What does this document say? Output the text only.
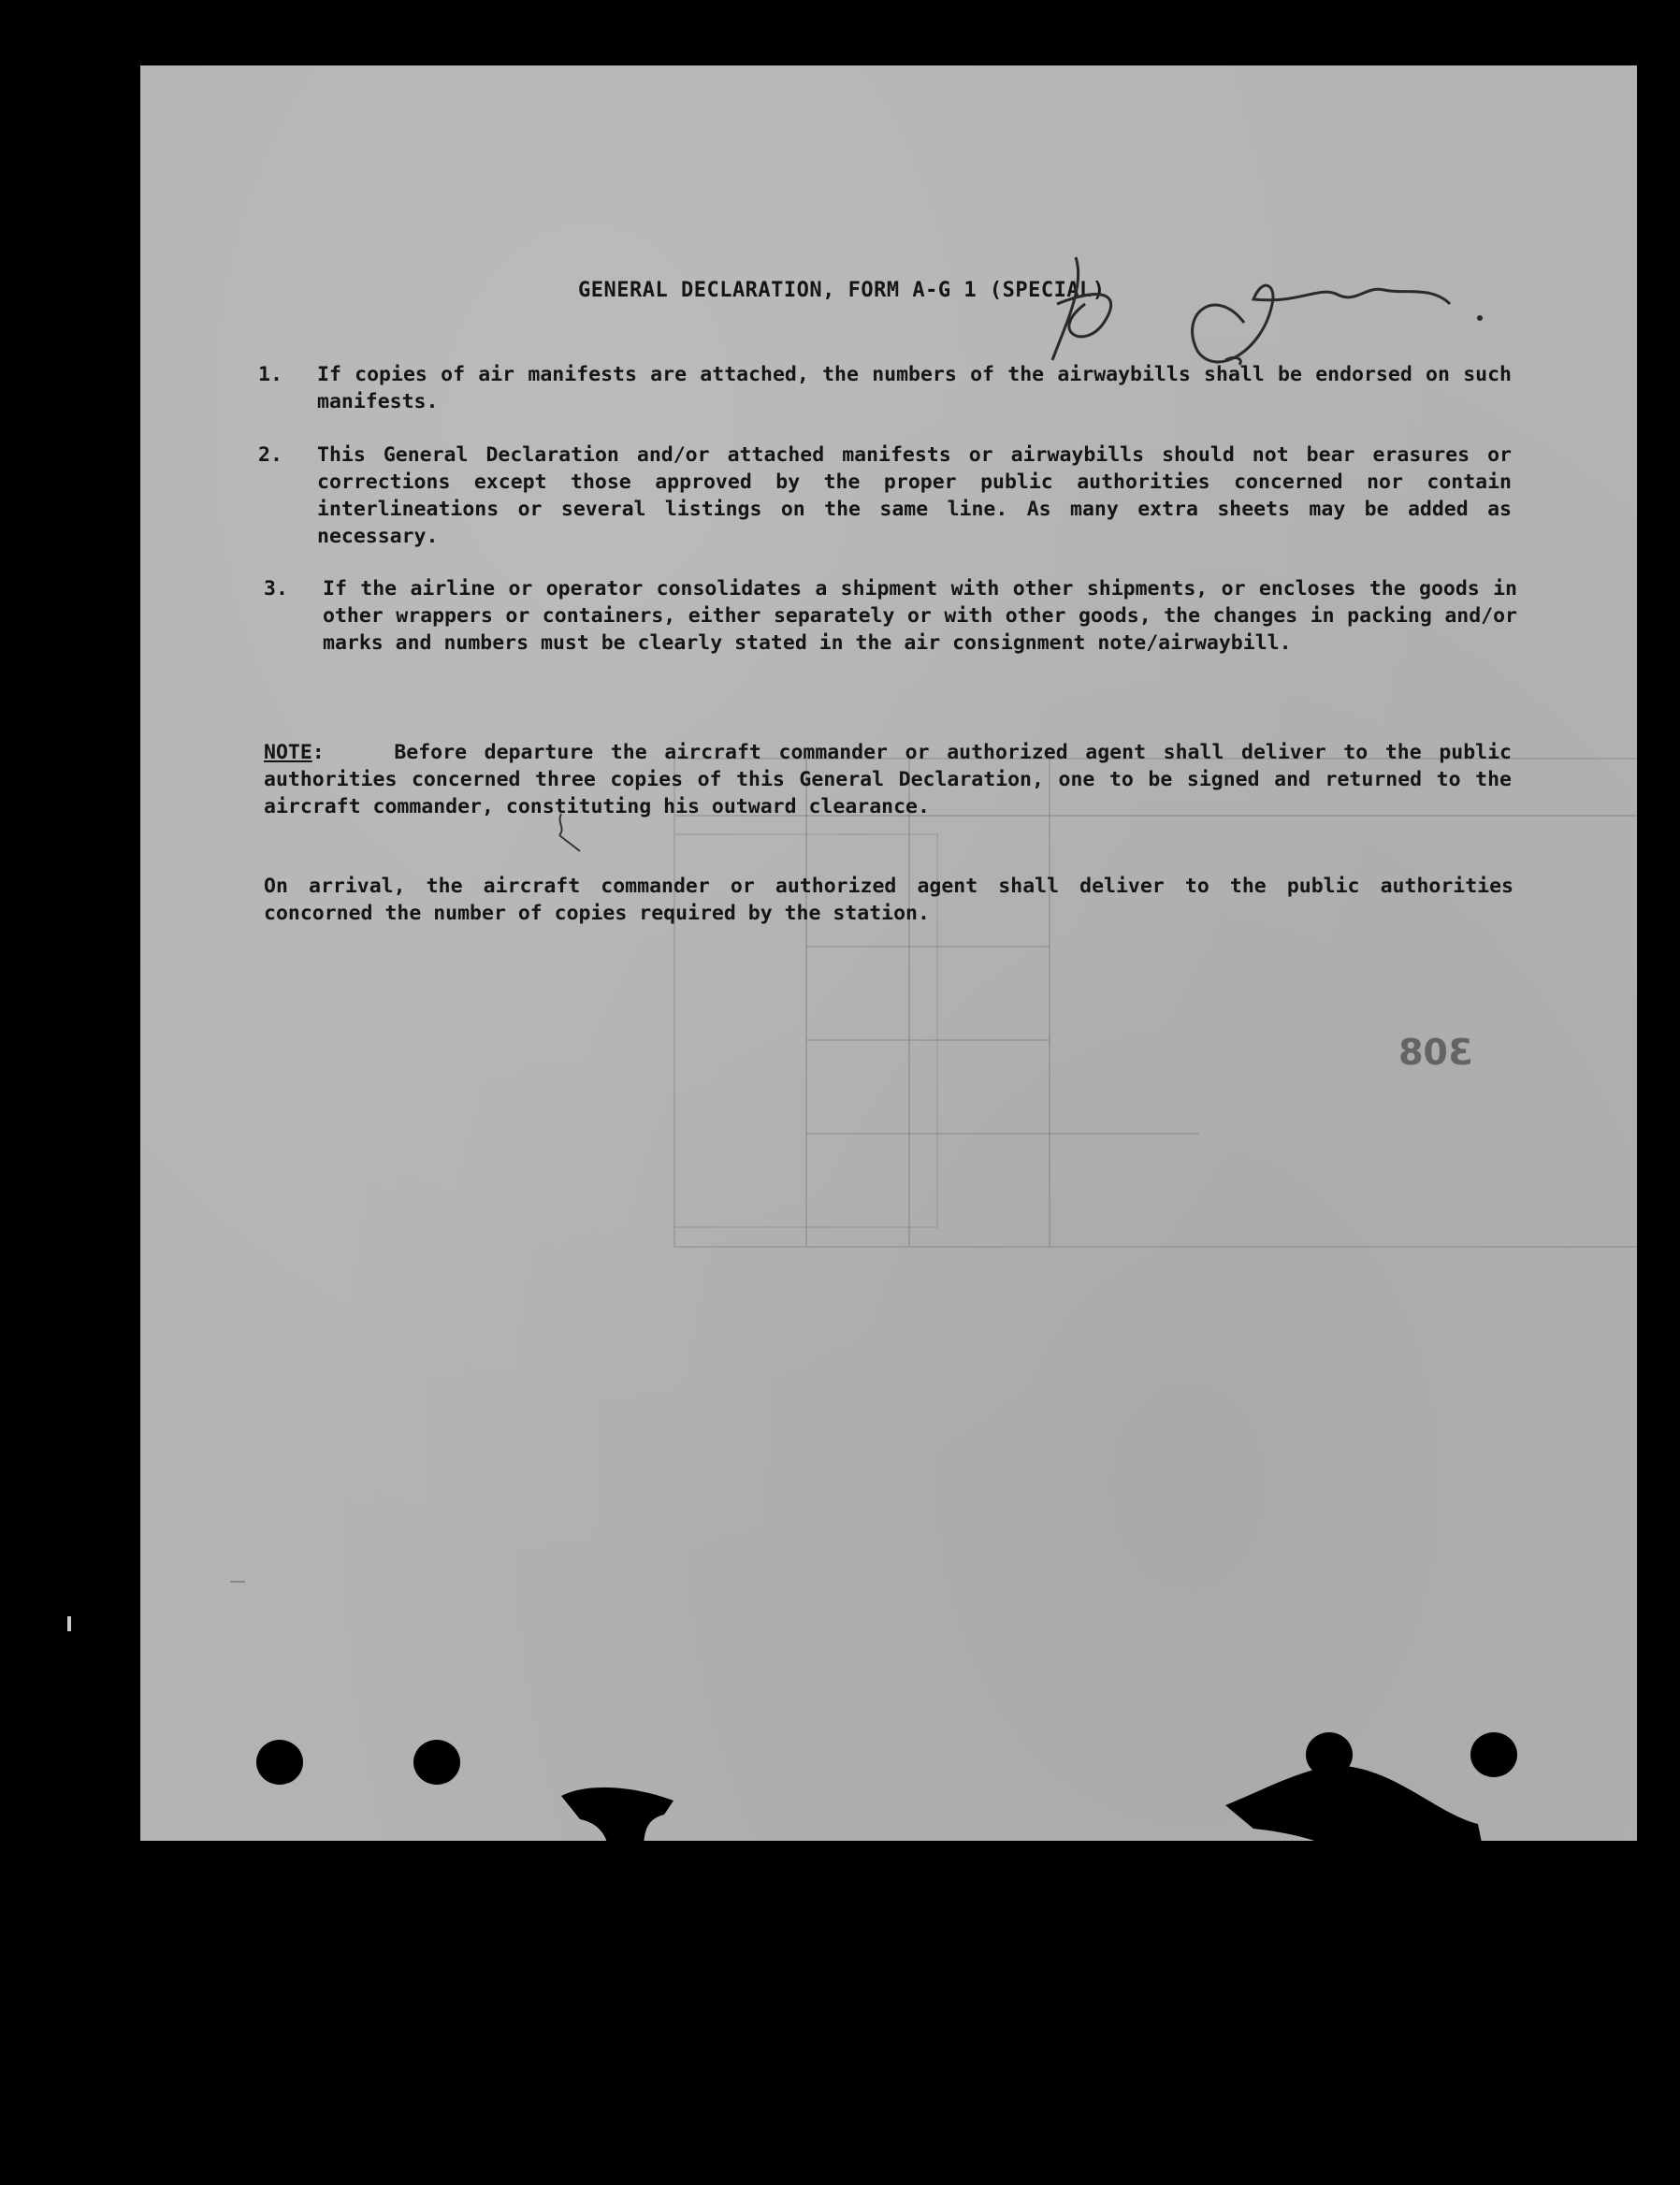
GENERAL DECLARATION, FORM A-G 1 (SPECIAL)
1.	If copies of air manifests are attached, the numbers of the airwaybills shall be endorsed on such manifests.
2.	This General Declaration and/or attached manifests or airwaybills should not bear erasures or corrections except those approved by the proper public authorities concerned nor contain interlineations or several listings on the same line. As many extra sheets may be added as necessary.
3.	If the airline or operator consolidates a shipment with other shipments, or encloses the goods in other wrappers or containers, either separately or with other goods, the changes in packing and/or marks and numbers must be clearly stated in the air consignment note/airwaybill.
NOTE:    Before departure the aircraft commander or authorized agent shall deliver to the public authorities concerned three copies of this General Declaration, one to be signed and returned to the aircraft commander, constituting his outward clearance.
On arrival, the aircraft commander or authorized agent shall deliver to the public authorities concorned the number of copies required by the station.
308
